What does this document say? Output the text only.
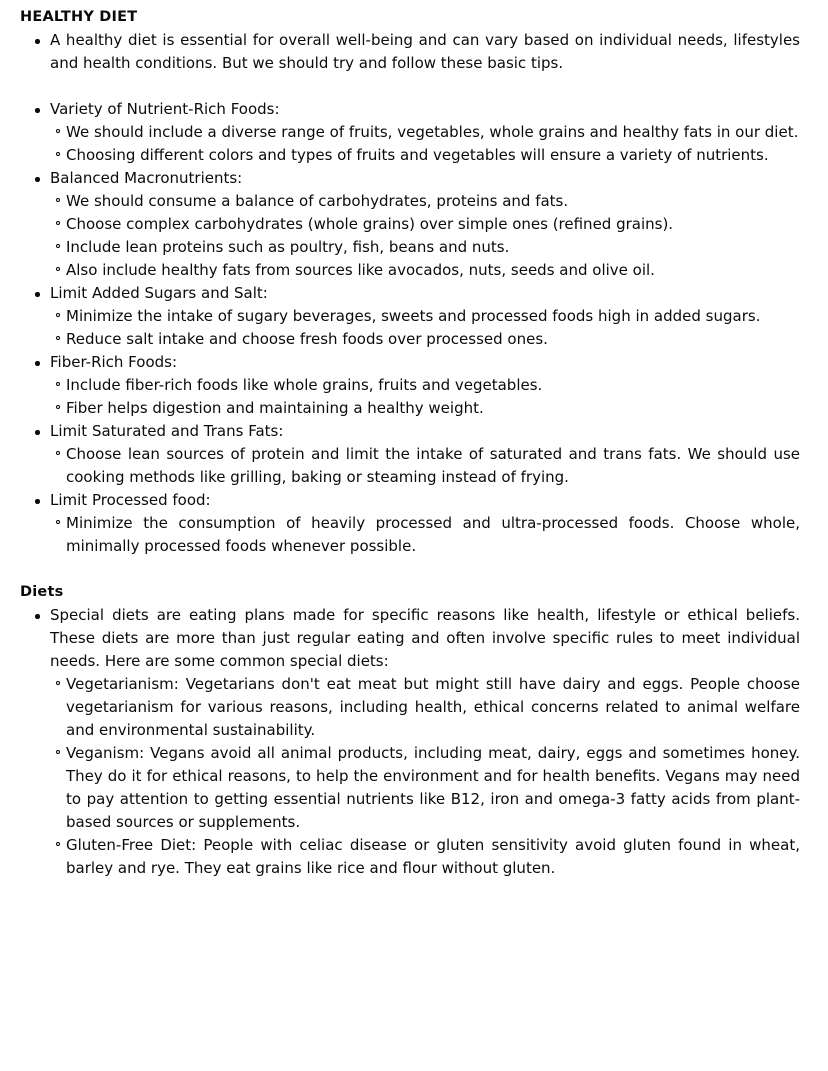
HEALTHY DIET
A healthy diet is essential for overall well-being and can vary based on individual needs, lifestyles and health conditions. But we should try and follow these basic tips.
Variety of Nutrient-Rich Foods:
We should include a diverse range of fruits, vegetables, whole grains and healthy fats in our diet.
Choosing different colors and types of fruits and vegetables will ensure a variety of nutrients.
Balanced Macronutrients:
We should consume a balance of carbohydrates, proteins and fats.
Choose complex carbohydrates (whole grains) over simple ones (refined grains).
Include lean proteins such as poultry, fish, beans and nuts.
Also include healthy fats from sources like avocados, nuts, seeds and olive oil.
Limit Added Sugars and Salt:
Minimize the intake of sugary beverages, sweets and processed foods high in added sugars.
Reduce salt intake and choose fresh foods over processed ones.
Fiber-Rich Foods:
Include fiber-rich foods like whole grains, fruits and vegetables.
Fiber helps digestion and maintaining a healthy weight.
Limit Saturated and Trans Fats:
Choose lean sources of protein and limit the intake of saturated and trans fats. We should use cooking methods like grilling, baking or steaming instead of frying.
Limit Processed food:
Minimize the consumption of heavily processed and ultra-processed foods. Choose whole, minimally processed foods whenever possible.
Diets
Special diets are eating plans made for specific reasons like health, lifestyle or ethical beliefs. These diets are more than just regular eating and often involve specific rules to meet individual needs. Here are some common special diets:
Vegetarianism: Vegetarians don't eat meat but might still have dairy and eggs. People choose vegetarianism for various reasons, including health, ethical concerns related to animal welfare and environmental sustainability.
Veganism: Vegans avoid all animal products, including meat, dairy, eggs and sometimes honey. They do it for ethical reasons, to help the environment and for health benefits. Vegans may need to pay attention to getting essential nutrients like B12, iron and omega-3 fatty acids from plant-based sources or supplements.
Gluten-Free Diet: People with celiac disease or gluten sensitivity avoid gluten found in wheat, barley and rye. They eat grains like rice and flour without gluten.
